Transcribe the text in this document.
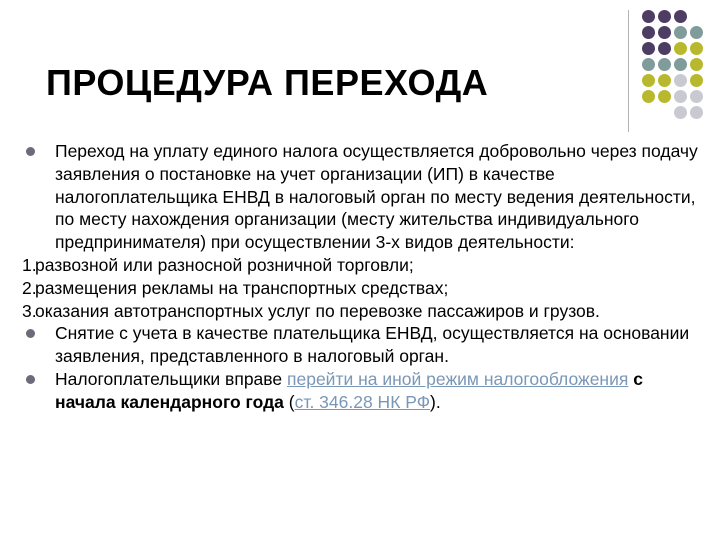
ПРОЦЕДУРА ПЕРЕХОДА
Переход на уплату единого налога осуществляется добровольно через подачу заявления о постановке на учет организации (ИП) в качестве налогоплательщика ЕНВД в налоговый орган по месту ведения деятельности, по месту нахождения организации (месту жительства индивидуального предпринимателя) при осуществлении 3-х видов деятельности:
1.
развозной или разносной розничной торговли;
2.
размещения рекламы на транспортных средствах;
3.
оказания автотранспортных услуг по перевозке пассажиров и грузов.
Снятие с учета в качестве плательщика ЕНВД, осуществляется на основании заявления, представленного в налоговый орган.
Налогоплательщики вправе перейти на иной режим налогообложения с начала календарного года (ст. 346.28 НК РФ).
